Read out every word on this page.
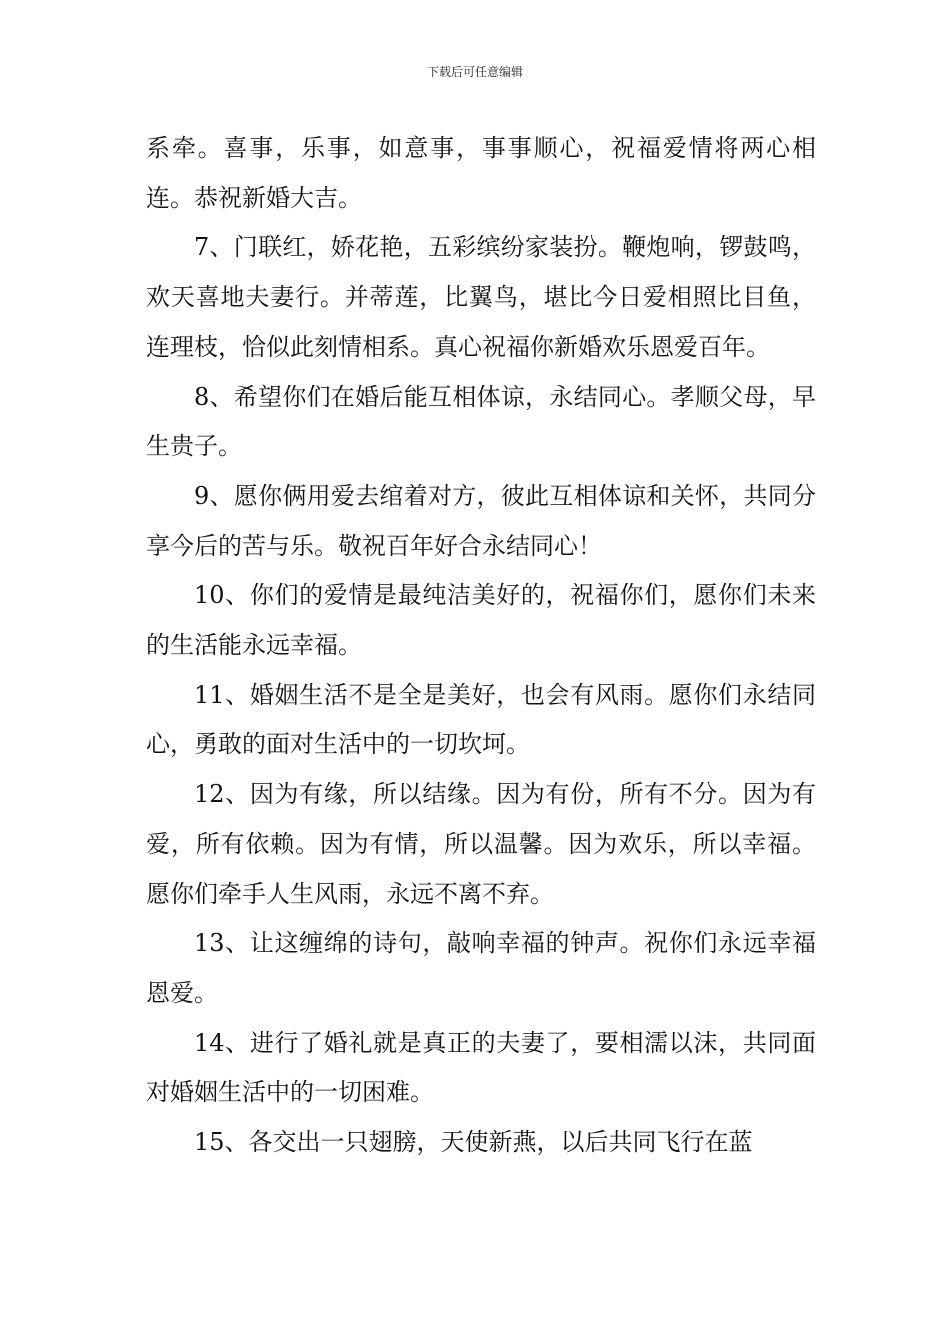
下载后可任意编辑

系牵。喜事，乐事，如意事，事事顺心，祝福爱情将两心相连。恭祝新婚大吉。

7、门联红，娇花艳，五彩缤纷家装扮。鞭炮响，锣鼓鸣，欢天喜地夫妻行。并蒂莲，比翼鸟，堪比今日爱相照比目鱼，连理枝，恰似此刻情相系。真心祝福你新婚欢乐恩爱百年。

8、希望你们在婚后能互相体谅，永结同心。孝顺父母，早生贵子。

9、愿你俩用爱去绾着对方，彼此互相体谅和关怀，共同分享今后的苦与乐。敬祝百年好合永结同心！

10、你们的爱情是最纯洁美好的，祝福你们，愿你们未来的生活能永远幸福。

11、婚姻生活不是全是美好，也会有风雨。愿你们永结同心，勇敢的面对生活中的一切坎坷。

12、因为有缘，所以结缘。因为有份，所有不分。因为有爱，所有依赖。因为有情，所以温馨。因为欢乐，所以幸福。愿你们牵手人生风雨，永远不离不弃。

13、让这缠绵的诗句，敲响幸福的钟声。祝你们永远幸福恩爱。

14、进行了婚礼就是真正的夫妻了，要相濡以沫，共同面对婚姻生活中的一切困难。

15、各交出一只翅膀，天使新燕，以后共同飞行在蓝
